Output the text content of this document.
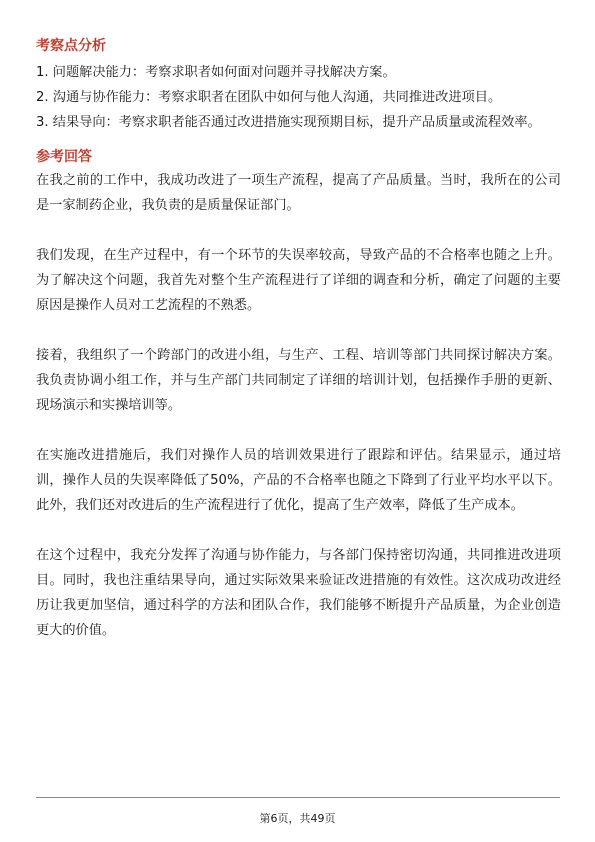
考察点分析
1. 问题解决能力：考察求职者如何面对问题并寻找解决方案。
2. 沟通与协作能力：考察求职者在团队中如何与他人沟通，共同推进改进项目。
3. 结果导向：考察求职者能否通过改进措施实现预期目标，提升产品质量或流程效率。
参考回答

在我之前的工作中，我成功改进了一项生产流程，提高了产品质量。当时，我所在的公司是一家制药企业，我负责的是质量保证部门。

我们发现，在生产过程中，有一个环节的失误率较高，导致产品的不合格率也随之上升。为了解决这个问题，我首先对整个生产流程进行了详细的调查和分析，确定了问题的主要原因是操作人员对工艺流程的不熟悉。

接着，我组织了一个跨部门的改进小组，与生产、工程、培训等部门共同探讨解决方案。我负责协调小组工作，并与生产部门共同制定了详细的培训计划，包括操作手册的更新、现场演示和实操培训等。

在实施改进措施后，我们对操作人员的培训效果进行了跟踪和评估。结果显示，通过培训，操作人员的失误率降低了50%，产品的不合格率也随之下降到了行业平均水平以下。此外，我们还对改进后的生产流程进行了优化，提高了生产效率，降低了生产成本。

在这个过程中，我充分发挥了沟通与协作能力，与各部门保持密切沟通，共同推进改进项目。同时，我也注重结果导向，通过实际效果来验证改进措施的有效性。这次成功改进经历让我更加坚信，通过科学的方法和团队合作，我们能够不断提升产品质量，为企业创造更大的价值。

第6页，共49页
